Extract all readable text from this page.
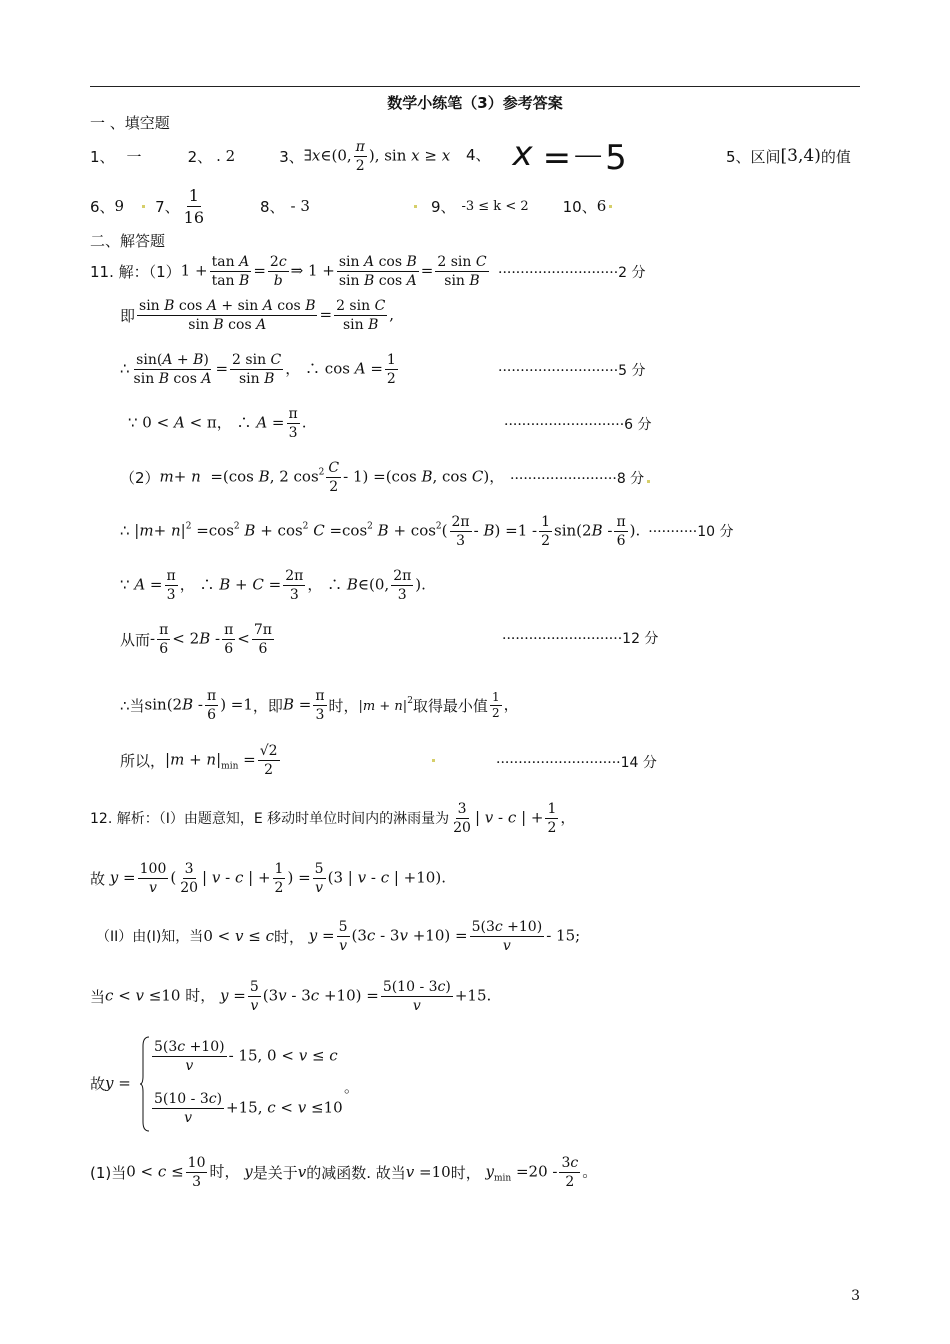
数学小练笔（3）参考答案
一 、填空题
1、 一	2、 . 2	3、 ∃x∈(0, $\frac{\pi}{2}$ ), sin x ≥ x 4、 x =－5	5、区间 [3,4) 的值
6、 9 7、 $\frac{1}{16}$	8、 - 3	9、 -3 ≤ k < 2 10、 6
二、解答题
11. 解：（1） $1 + \frac{\text{tan A}}{\text{tan B}} = \frac{2c}{b}$ ⇒ $1 + \frac{\text{sin A cos B}}{\text{sin B cos A}} = \frac{\text{2 sin C}}{\text{sin B}} \cdot\cdot\cdot\cdot\cdot\cdot\cdot\cdot\cdot\cdot\cdot\cdot\cdot\cdot\cdot\cdot\cdot\cdot\cdot\cdot\cdot\cdot\cdot\cdot\cdot\cdot\cdot 2$ 分
即 $\frac{\text{sin B cos A + sin A cos B}}{\text{sin B cos A}} = \frac{\text{2 sin C}}{\text{sin B}}$ ,
∴ $\frac{\sin(A + B)}{\text{sin B cos A}} = \frac{\text{2 sin C}}{\text{sin B}}$ ， ∴ $\cos A = \frac{1}{2}$	···························5 分
∵ 0 < A < π， ∴ $A = \frac{\pi}{3}$ .	···························6 分
（2） m+ n  =(cos B, 2 $\cos^2 \frac{C}{2} - 1) =(\cos$ B, cos C)， ························8 分
∴ $|m+ n|^2 =\cos^2$ $B + \cos^2 C =\cos^2$ $B + \cos^2( \frac{2\pi}{3} - B) =1 - \frac{1}{2} \sin(2B - \frac{\pi}{6}$ ). ···········10 分
∵ $A = \frac{\pi}{3}$ ， ∴ $B + C = \frac{2\pi}{3}$ ， ∴ B∈(0, $\frac{2\pi}{3}$ ).
从而 - $\frac{\pi}{6} < 2B - \frac{\pi}{6} < \frac{7\pi}{6}$	···························12 分
∴当 $\sin(2B - \frac{\pi}{6}$ ) =1 ，即 $B = \frac{\pi}{3}$ 时， $|m + n|^2$ 取得最小值 $\frac{1}{2}$ ，
所以， $|m + n|_{min} = \frac{√2}{2}$	····························14 分
12. 解析：（I）由题意知，E 移动时单位时间内的淋雨量为 $\frac{3}{20}$ | v - c | + $\frac{1}{2}$ ，
故 $y = \frac{100}{v}$ ( $\frac{3}{20}$ | v - c | + $\frac{1}{2}$ ) = $\frac{5}{v} (3$ | v - c | +10).
（II）由(I)知，当 0 < v ≤ c 时， $y = \frac{5}{v} (3c - 3v +10) = \frac{5(3c +10)}{v} - 15$;
当 c < v ≤10 时， $y = \frac{5}{v} (3v - 3c +10) = \frac{5(10 - 3c)}{v} +15$.
故 y =
$\frac{5(3c +10)}{v} - 15$, 0 < v ≤ c
$\frac{5(10 - 3c)}{v} +15$, c < v ≤10
。
(1)当 $0 < c \le \frac{10}{3}$ 时， y 是关于 v 的减函数. 故当 v =10 时， $y_{min} =20 - \frac{3c}{2}$ 。
3
